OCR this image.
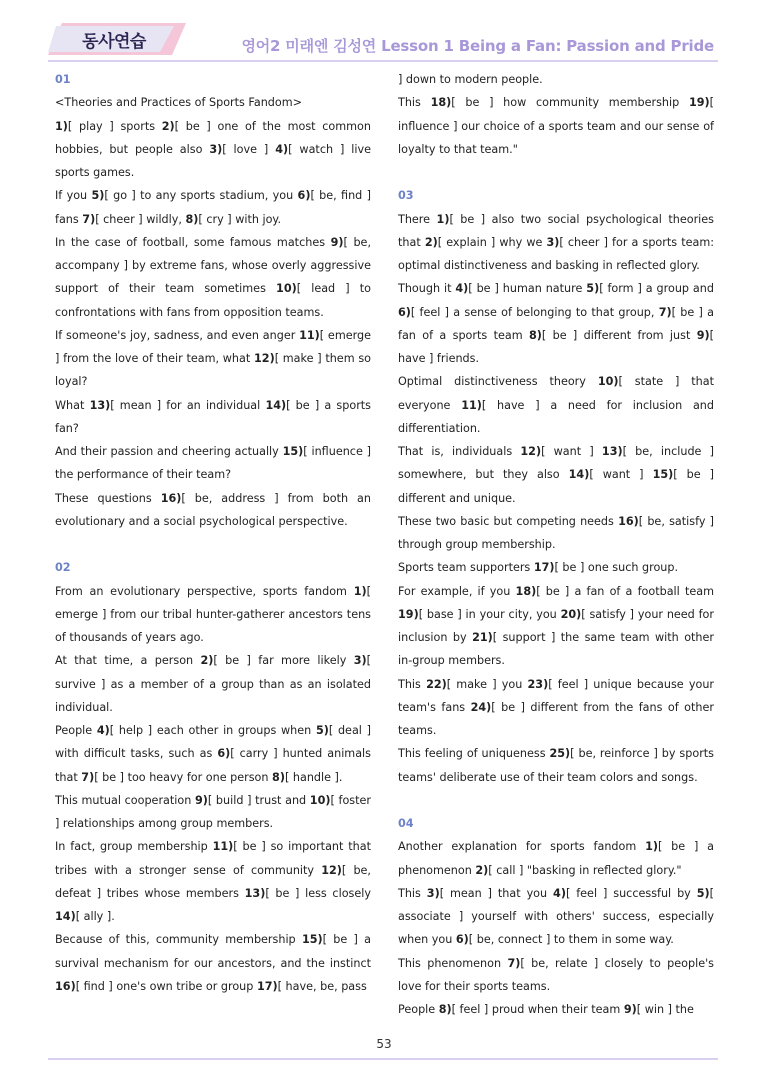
동사연습	영어2 미래엔 김성연 Lesson 1 Being a Fan: Passion and Pride
01
<Theories and Practices of Sports Fandom>
1)[ play ] sports 2)[ be ] one of the most common hobbies, but people also 3)[ love ] 4)[ watch ] live sports games.
If you 5)[ go ] to any sports stadium, you 6)[ be, find ] fans 7)[ cheer ] wildly, 8)[ cry ] with joy.
In the case of football, some famous matches 9)[ be, accompany ] by extreme fans, whose overly aggressive support of their team sometimes 10)[ lead ] to confrontations with fans from opposition teams.
If someone's joy, sadness, and even anger 11)[ emerge ] from the love of their team, what 12)[ make ] them so loyal?
What 13)[ mean ] for an individual 14)[ be ] a sports fan?
And their passion and cheering actually 15)[ influence ] the performance of their team?
These questions 16)[ be, address ] from both an evolutionary and a social psychological perspective.
02
From an evolutionary perspective, sports fandom 1)[ emerge ] from our tribal hunter-gatherer ancestors tens of thousands of years ago.
At that time, a person 2)[ be ] far more likely 3)[ survive ] as a member of a group than as an isolated individual.
People 4)[ help ] each other in groups when 5)[ deal ] with difficult tasks, such as 6)[ carry ] hunted animals that 7)[ be ] too heavy for one person 8)[ handle ].
This mutual cooperation 9)[ build ] trust and 10)[ foster ] relationships among group members.
In fact, group membership 11)[ be ] so important that tribes with a stronger sense of community 12)[ be, defeat ] tribes whose members 13)[ be ] less closely 14)[ ally ].
Because of this, community membership 15)[ be ] a survival mechanism for our ancestors, and the instinct 16)[ find ] one's own tribe or group 17)[ have, be, pass
] down to modern people.
This 18)[ be ] how community membership 19)[ influence ] our choice of a sports team and our sense of loyalty to that team."
03
There 1)[ be ] also two social psychological theories that 2)[ explain ] why we 3)[ cheer ] for a sports team: optimal distinctiveness and basking in reflected glory.
Though it 4)[ be ] human nature 5)[ form ] a group and 6)[ feel ] a sense of belonging to that group, 7)[ be ] a fan of a sports team 8)[ be ] different from just 9)[ have ] friends.
Optimal distinctiveness theory 10)[ state ] that everyone 11)[ have ] a need for inclusion and differentiation.
That is, individuals 12)[ want ] 13)[ be, include ] somewhere, but they also 14)[ want ] 15)[ be ] different and unique.
These two basic but competing needs 16)[ be, satisfy ] through group membership.
Sports team supporters 17)[ be ] one such group.
For example, if you 18)[ be ] a fan of a football team 19)[ base ] in your city, you 20)[ satisfy ] your need for inclusion by 21)[ support ] the same team with other in-group members.
This 22)[ make ] you 23)[ feel ] unique because your team's fans 24)[ be ] different from the fans of other teams.
This feeling of uniqueness 25)[ be, reinforce ] by sports teams' deliberate use of their team colors and songs.
04
Another explanation for sports fandom 1)[ be ] a phenomenon 2)[ call ] "basking in reflected glory."
This 3)[ mean ] that you 4)[ feel ] successful by 5)[ associate ] yourself with others' success, especially when you 6)[ be, connect ] to them in some way.
This phenomenon 7)[ be, relate ] closely to people's love for their sports teams.
People 8)[ feel ] proud when their team 9)[ win ] the
53
